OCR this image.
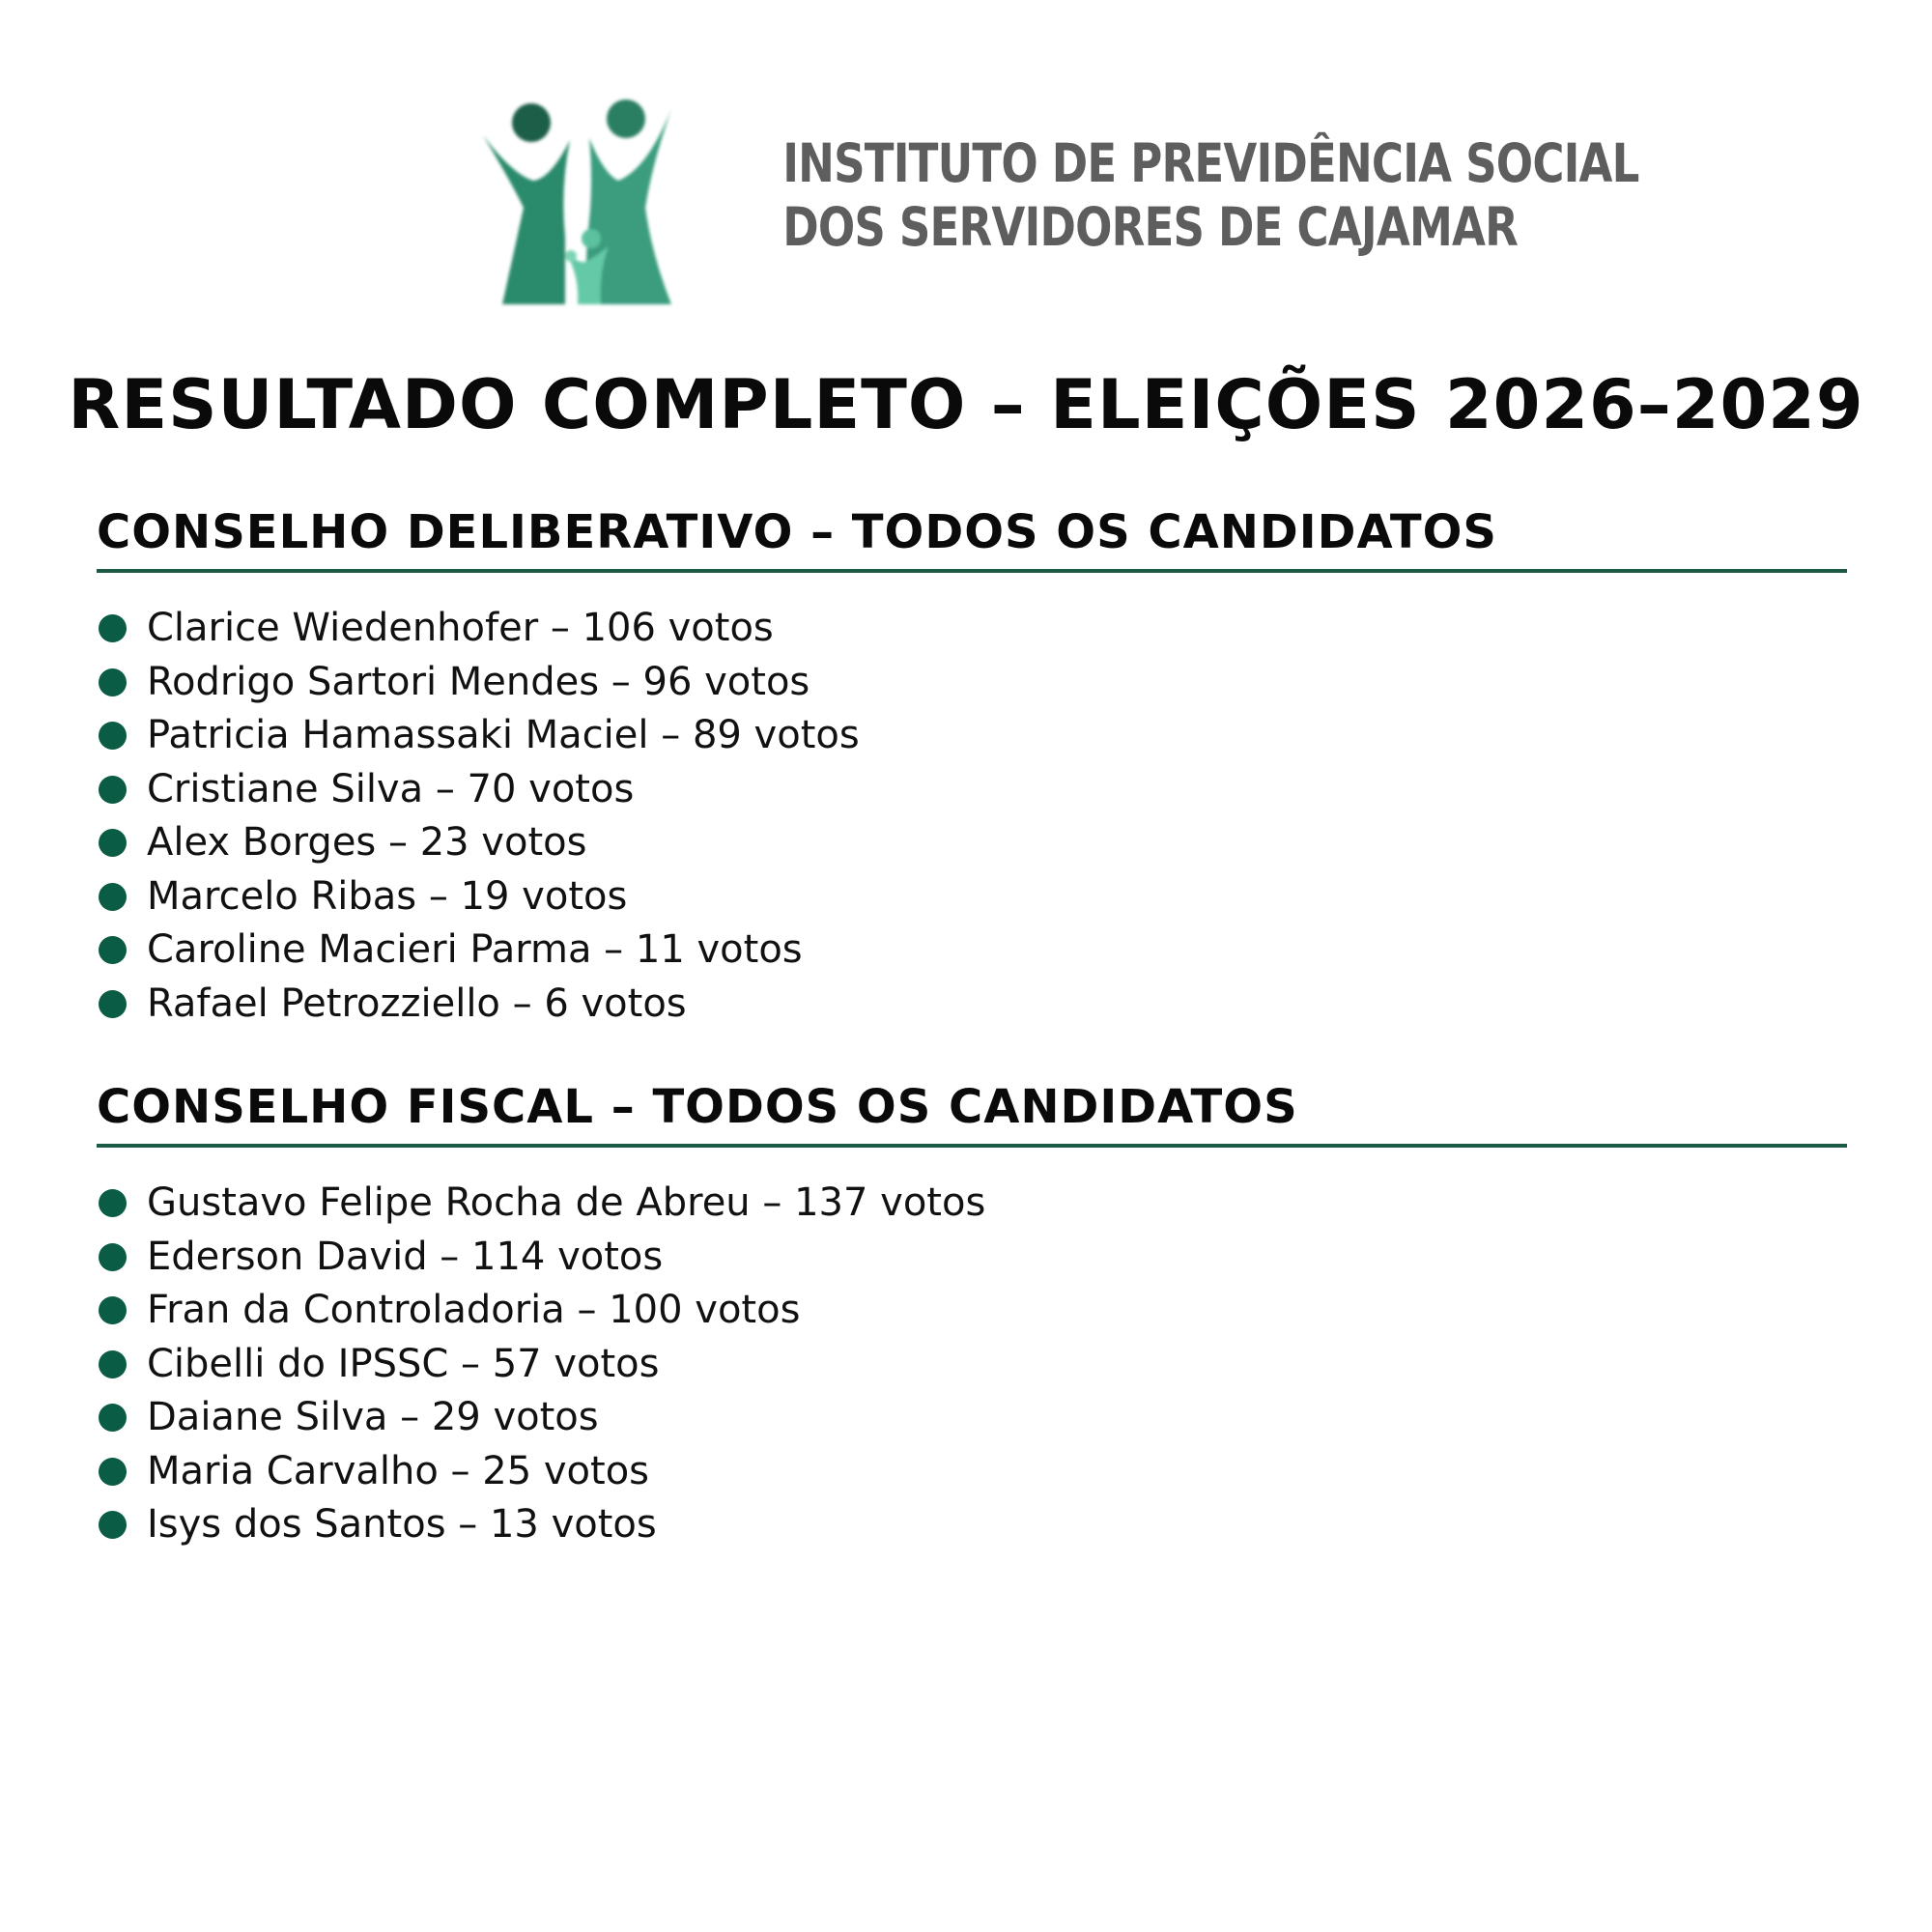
INSTITUTO DE PREVIDÊNCIA SOCIAL
DOS SERVIDORES DE CAJAMAR
RESULTADO COMPLETO – ELEIÇÕES 2026–2029
CONSELHO DELIBERATIVO – TODOS OS CANDIDATOS
Clarice Wiedenhofer – 106 votos
Rodrigo Sartori Mendes – 96 votos
Patricia Hamassaki Maciel – 89 votos
Cristiane Silva – 70 votos
Alex Borges – 23 votos
Marcelo Ribas – 19 votos
Caroline Macieri Parma – 11 votos
Rafael Petrozziello – 6 votos
CONSELHO FISCAL – TODOS OS CANDIDATOS
Gustavo Felipe Rocha de Abreu – 137 votos
Ederson David – 114 votos
Fran da Controladoria – 100 votos
Cibelli do IPSSC – 57 votos
Daiane Silva – 29 votos
Maria Carvalho – 25 votos
Isys dos Santos – 13 votos
